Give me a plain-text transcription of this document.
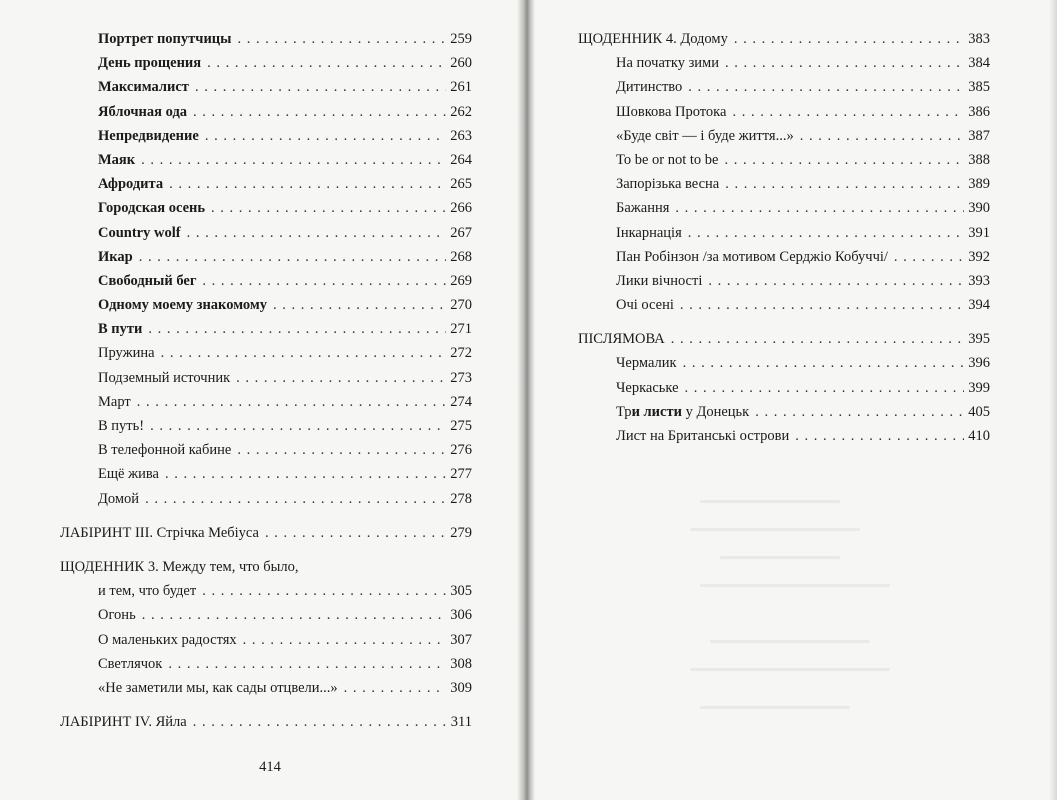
Портрет попутчицы . . .	259
День прощения . . .	260
Максималист . . .	261
Яблочная ода . . .	262
Непредвидение . . .	263
Маяк . . .	264
Афродита . . .	265
Городская осень . . .	266
Country wolf . . .	267
Икар . . .	268
Свободный бег . . .	269
Одному моему знакомому . . .	270
В пути . . .	271
Пружина . . .	272
Подземный источник . . .	273
Март . . .	274
В путь! . . .	275
В телефонной кабине . . .	276
Ещё жива . . .	277
Домой . . .	278
ЛАБІРИНТ ІІІ. Стрічка Мебіуса . . .	279
ЩОДЕННИК 3. Между тем, что было,
и тем, что будет . . .	305
Огонь . . .	306
О маленьких радостях . . .	307
Светлячок . . .	308
«Не заметили мы, как сады отцвели...» . . .	309
ЛАБІРИНТ IV. Яйла . . .	311
414
ЩОДЕННИК 4. Додому . . .	383
На початку зими . . .	384
Дитинство . . .	385
Шовкова Протока . . .	386
«Буде світ — і буде життя...» . . .	387
To be or not to be . . .	388
Запорізька весна . . .	389
Бажання . . .	390
Інкарнація . . .	391
Пан Робінзон /за мотивом Серджіо Кобуччі/ . . .	392
Лики вічності . . .	393
Очі осені . . .	394
ПІСЛЯМОВА . . .	395
Чермалик . . .	396
Черкаське . . .	399
Три листи у Донецьк . . .	405
Лист на Британські острови . . .	410
